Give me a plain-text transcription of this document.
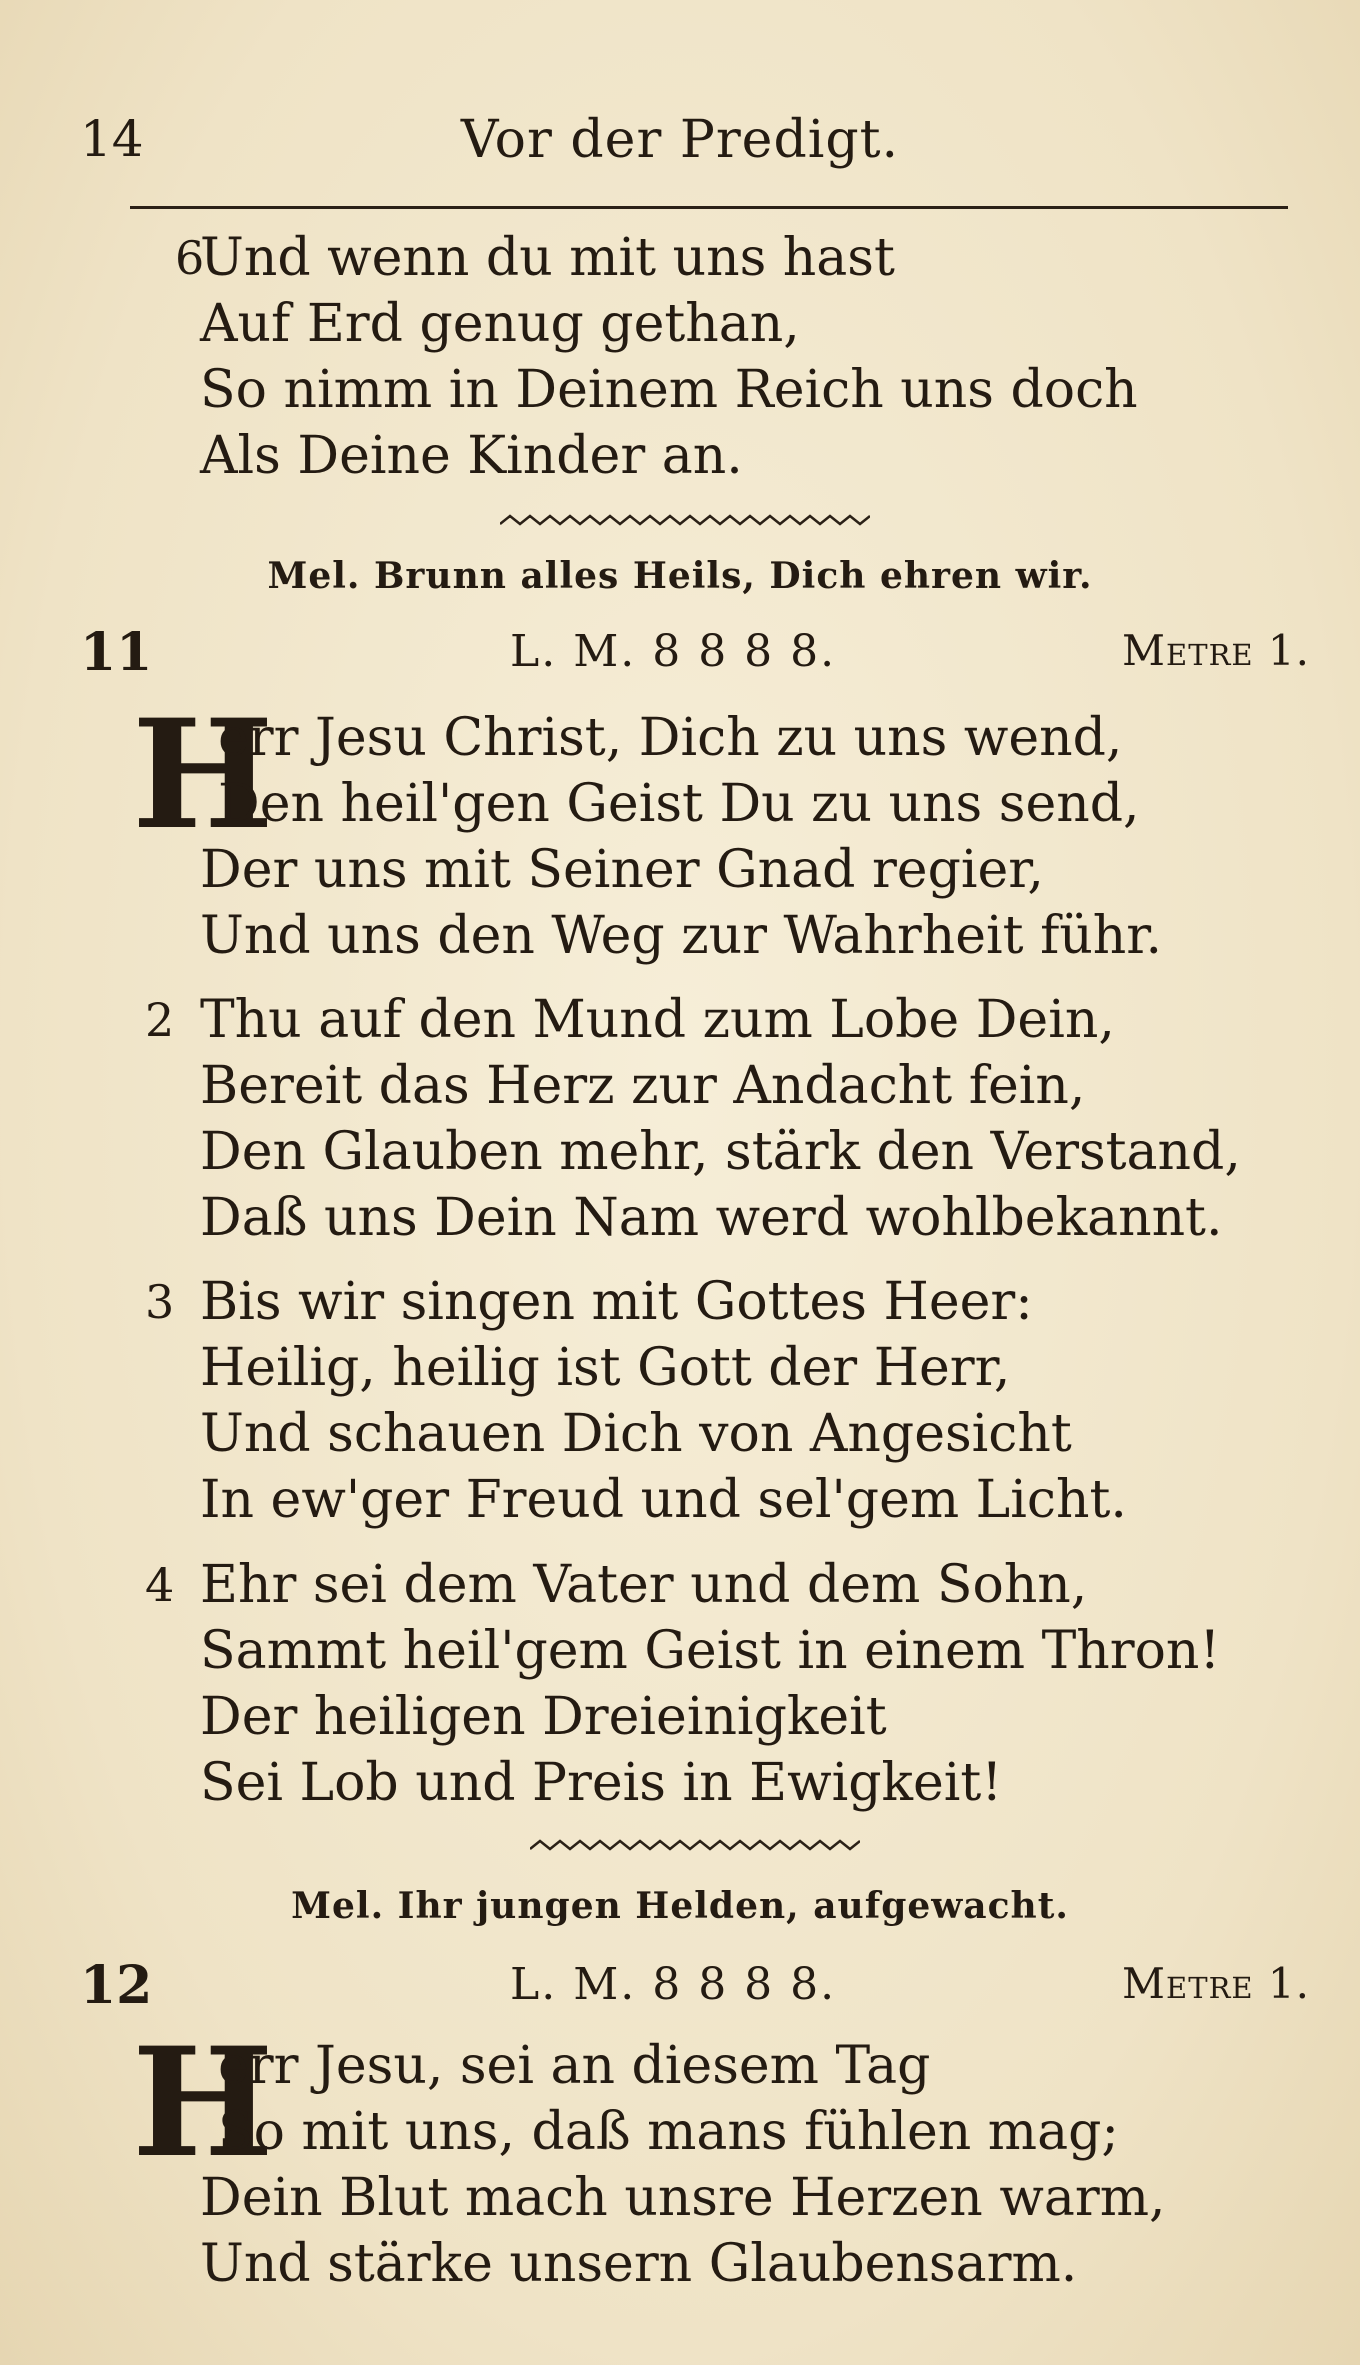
14	Vor der Predigt.
6
Und wenn du mit uns hast
Auf Erd genug gethan,
So nimm in Deinem Reich uns doch
Als Deine Kinder an.
Mel. Brunn alles Heils, Dich ehren wir.
11	L. M. 8 8 8 8.	Metre 1.
H
err Jesu Christ, Dich zu uns wend,
Den heil'gen Geist Du zu uns send,
Der uns mit Seiner Gnad regier,
Und uns den Weg zur Wahrheit führ.
2 Thu auf den Mund zum Lobe Dein,
Bereit das Herz zur Andacht fein,
Den Glauben mehr, stärk den Verstand,
Daß uns Dein Nam werd wohlbekannt.
3 Bis wir singen mit Gottes Heer:
Heilig, heilig ist Gott der Herr,
Und schauen Dich von Angesicht
In ew'ger Freud und sel'gem Licht.
4 Ehr sei dem Vater und dem Sohn,
Sammt heil'gem Geist in einem Thron!
Der heiligen Dreieinigkeit
Sei Lob und Preis in Ewigkeit!
Mel. Ihr jungen Helden, aufgewacht.
12	L. M. 8 8 8 8.	Metre 1.
H
err Jesu, sei an diesem Tag
So mit uns, daß mans fühlen mag;
Dein Blut mach unsre Herzen warm,
Und stärke unsern Glaubensarm.
